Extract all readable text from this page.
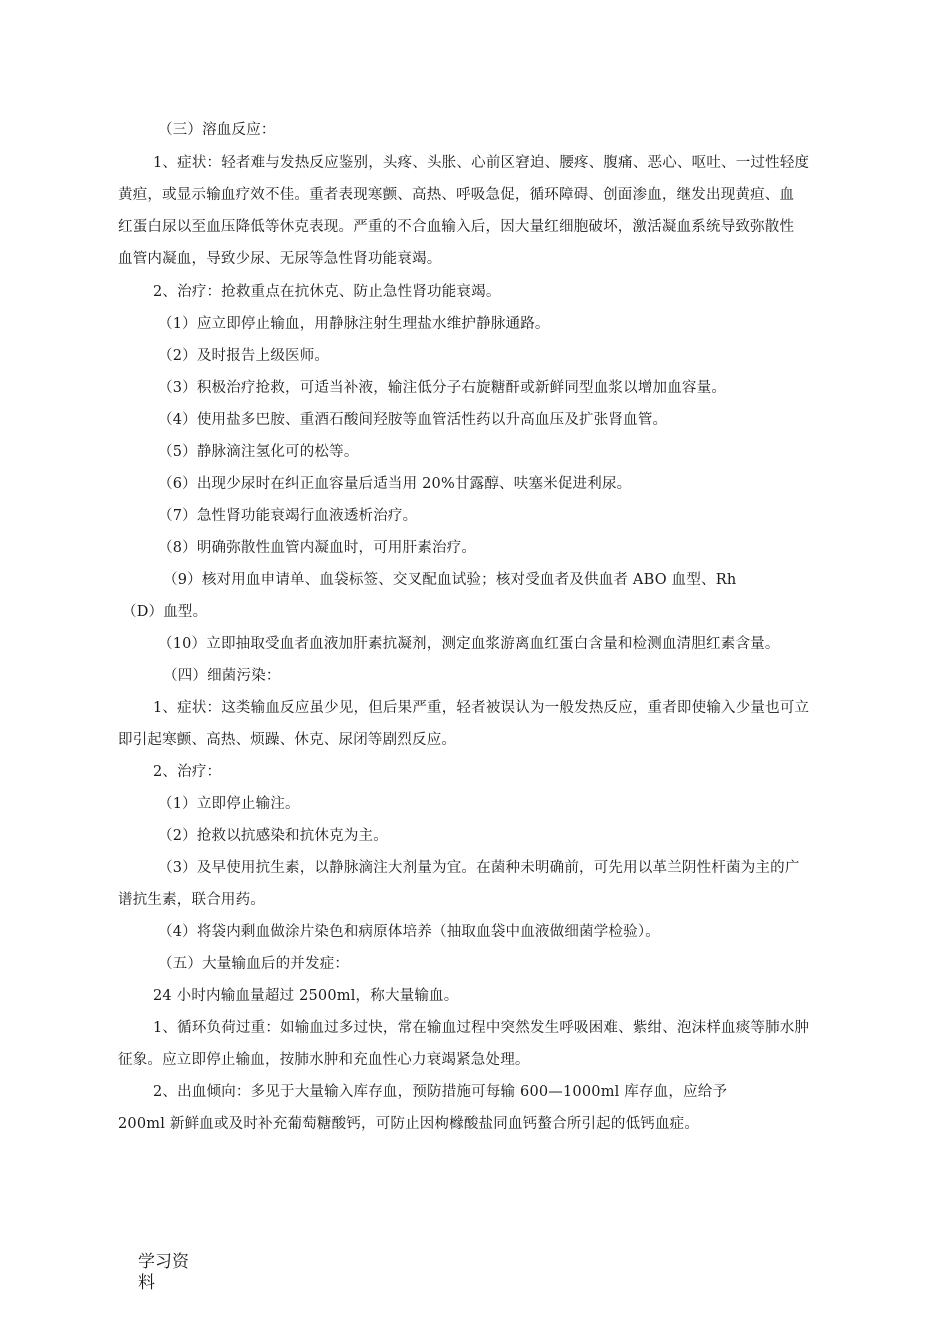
（三）溶血反应：
1、症状：轻者难与发热反应鉴别，头疼、头胀、心前区窘迫、腰疼、腹痛、恶心、呕吐、一过性轻度
黄疸，或显示输血疗效不佳。重者表现寒颤、高热、呼吸急促，循环障碍、创面渗血，继发出现黄疸、血
红蛋白尿以至血压降低等休克表现。严重的不合血输入后，因大量红细胞破坏，激活凝血系统导致弥散性
血管内凝血，导致少尿、无尿等急性肾功能衰竭。
2、治疗：抢救重点在抗休克、防止急性肾功能衰竭。
（1）应立即停止输血，用静脉注射生理盐水维护静脉通路。
（2）及时报告上级医师。
（3）积极治疗抢救，可适当补液，输注低分子右旋糖酐或新鲜同型血浆以增加血容量。
（4）使用盐多巴胺、重酒石酸间羟胺等血管活性药以升高血压及扩张肾血管。
（5）静脉滴注氢化可的松等。
（6）出现少尿时在纠正血容量后适当用 20%甘露醇、呋塞米促进利尿。
（7）急性肾功能衰竭行血液透析治疗。
（8）明确弥散性血管内凝血时，可用肝素治疗。
（9）核对用血申请单、血袋标签、交叉配血试验；核对受血者及供血者 ABO 血型、Rh
（D）血型。
（10）立即抽取受血者血液加肝素抗凝剂，测定血浆游离血红蛋白含量和检测血清胆红素含量。
（四）细菌污染：
1、症状：这类输血反应虽少见，但后果严重，轻者被误认为一般发热反应，重者即使输入少量也可立
即引起寒颤、高热、烦躁、休克、尿闭等剧烈反应。
2、治疗：
（1）立即停止输注。
（2）抢救以抗感染和抗休克为主。
（3）及早使用抗生素，以静脉滴注大剂量为宜。在菌种未明确前，可先用以革兰阴性杆菌为主的广
谱抗生素，联合用药。
（4）将袋内剩血做涂片染色和病原体培养（抽取血袋中血液做细菌学检验）。
（五）大量输血后的并发症：
24 小时内输血量超过 2500ml，称大量输血。
1、循环负荷过重：如输血过多过快，常在输血过程中突然发生呼吸困难、紫绀、泡沫样血痰等肺水肿
征象。应立即停止输血，按肺水肿和充血性心力衰竭紧急处理。
2、出血倾向：多见于大量输入库存血，预防措施可每输 600—1000ml 库存血，应给予
200ml 新鲜血或及时补充葡萄糖酸钙，可防止因枸橼酸盐同血钙螯合所引起的低钙血症。
学习资料
